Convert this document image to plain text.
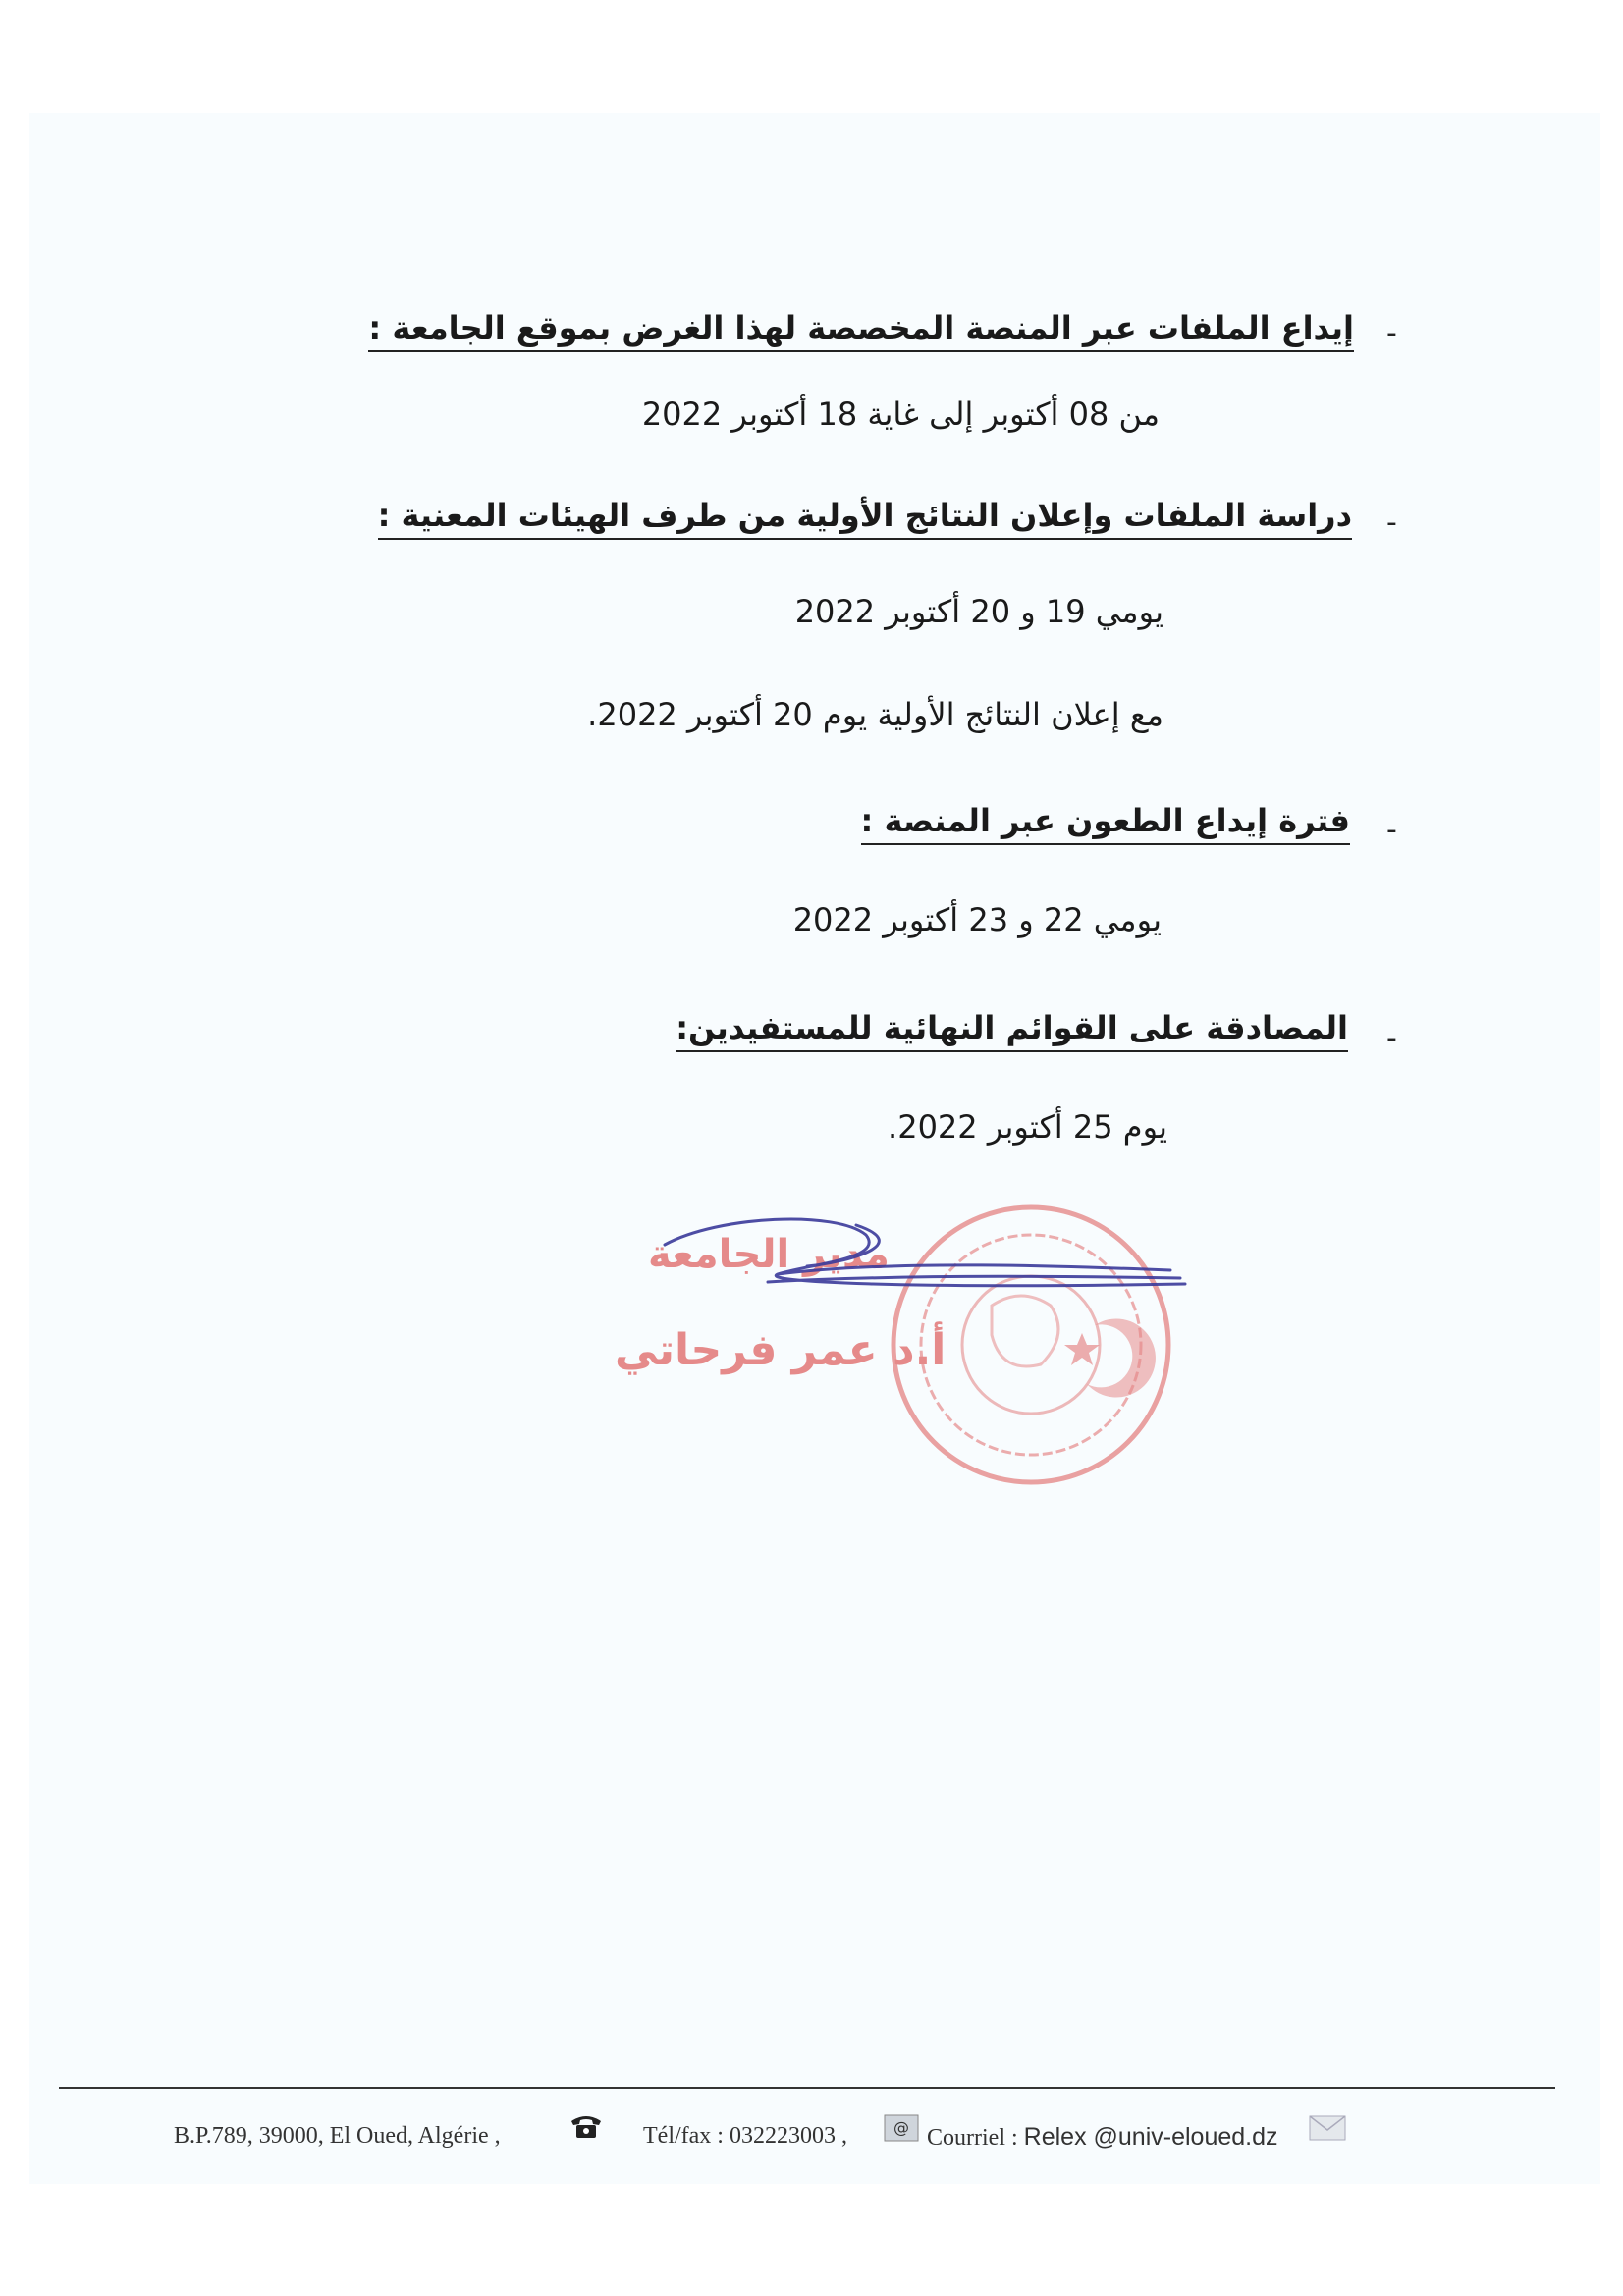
-
إيداع الملفات عبر المنصة المخصصة لهذا الغرض بموقع الجامعة :
من 08 أكتوبر إلى غاية 18 أكتوبر 2022
-
دراسة الملفات وإعلان النتائج الأولية من طرف الهيئات المعنية :
يومي 19 و 20 أكتوبر 2022
مع إعلان النتائج الأولية يوم 20 أكتوبر 2022.
-
فترة إيداع الطعون عبر المنصة :
يومي 22 و 23 أكتوبر 2022
-
المصادقة على القوائم النهائية للمستفيدين:
يوم 25 أكتوبر 2022.
مدير الجامعة
أ.د عمر فرحاتي
B.P.789, 39000, El Oued, Algérie ,	Tél/fax : 032223003 ,	@ Courriel : Relex @univ-eloued.dz
